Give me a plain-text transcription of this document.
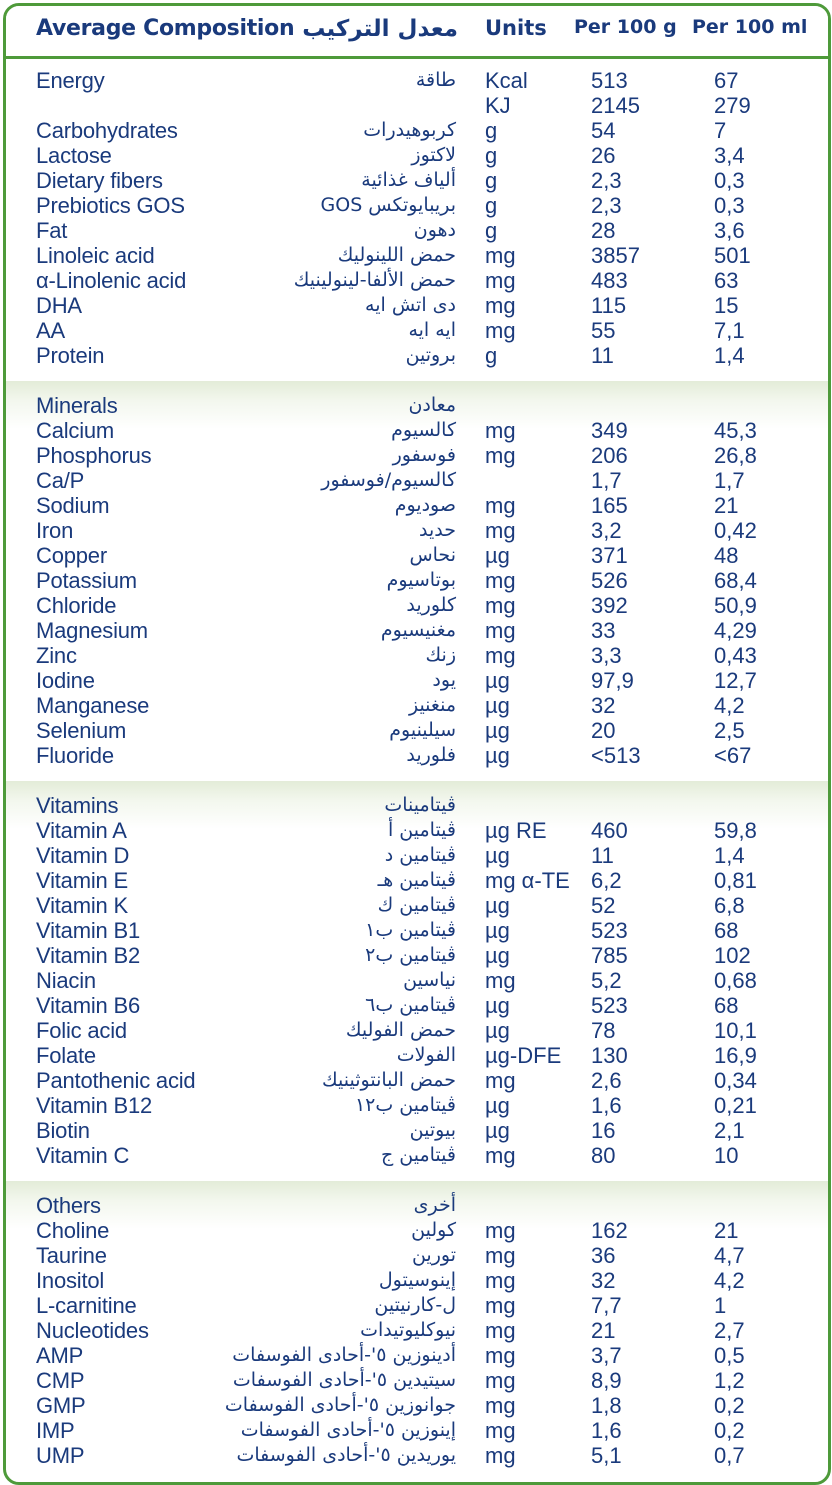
Average Composition معدل التركيب Units Per 100 g Per 100 ml
Energy	طاقة Kcal	513	67
KJ	2145	279
Carbohydrates	كربوهيدرات g	54	7
Lactose	لاكتوز g	26	3,4
Dietary fibers	ألياف غذائية g	2,3	0,3
Prebiotics GOS	بريبايوتكس GOS g	2,3	0,3
Fat	دهون g	28	3,6
Linoleic acid	حمض اللينوليك mg	3857	501
α-Linolenic acid	حمض الألفا-لينولينيك mg	483	63
DHA	دى اتش ايه mg	115	15
AA	ايه ايه mg	55	7,1
Protein	بروتين g	11	1,4
Minerals	معادن
Calcium	كالسيوم mg	349	45,3
Phosphorus	فوسفور mg	206	26,8
Ca/P	كالسيوم/فوسفور	1,7	1,7
Sodium	صوديوم mg	165	21
Iron	حديد mg	3,2	0,42
Copper	نحاس µg	371	48
Potassium	بوتاسيوم mg	526	68,4
Chloride	كلوريد mg	392	50,9
Magnesium	مغنيسيوم mg	33	4,29
Zinc	زنك mg	3,3	0,43
Iodine	يود µg	97,9	12,7
Manganese	منغنيز µg	32	4,2
Selenium	سيلينيوم µg	20	2,5
Fluoride	فلوريد µg	<513	<67
Vitamins	ڤيتامينات
Vitamin A	ڤيتامين أ µg RE 460	59,8
Vitamin D	ڤيتامين د µg	11	1,4
Vitamin E	ڤيتامين هـ mg α-TE 6,2	0,81
Vitamin K	ڤيتامين ك µg	52	6,8
Vitamin B1	ڤيتامين ب١ µg	523	68
Vitamin B2	ڤيتامين ب٢ µg	785	102
Niacin	نياسين mg	5,2	0,68
Vitamin B6	ڤيتامين ب٦ µg	523	68
Folic acid	حمض الفوليك µg	78	10,1
Folate	الفولات µg-DFE 130	16,9
Pantothenic acid	حمض البانتوثينيك mg	2,6	0,34
Vitamin B12	ڤيتامين ب١٢ µg	1,6	0,21
Biotin	بيوتين µg	16	2,1
Vitamin C	ڤيتامين ج mg	80	10
Others	أخرى
Choline	كولين mg	162	21
Taurine	تورين mg	36	4,7
Inositol	إينوسيتول mg	32	4,2
L-carnitine	ل-كارنيتين mg	7,7	1
Nucleotides	نيوكليوتيدات mg	21	2,7
AMP	أدينوزين ٥'-أحادى الفوسفات mg	3,7	0,5
CMP	سيتيدين ٥'-أحادى الفوسفات mg	8,9	1,2
GMP	جوانوزين ٥'-أحادى الفوسفات mg	1,8	0,2
IMP	إينوزين ٥'-أحادى الفوسفات mg	1,6	0,2
UMP	يوريدين ٥'-أحادى الفوسفات mg	5,1	0,7
